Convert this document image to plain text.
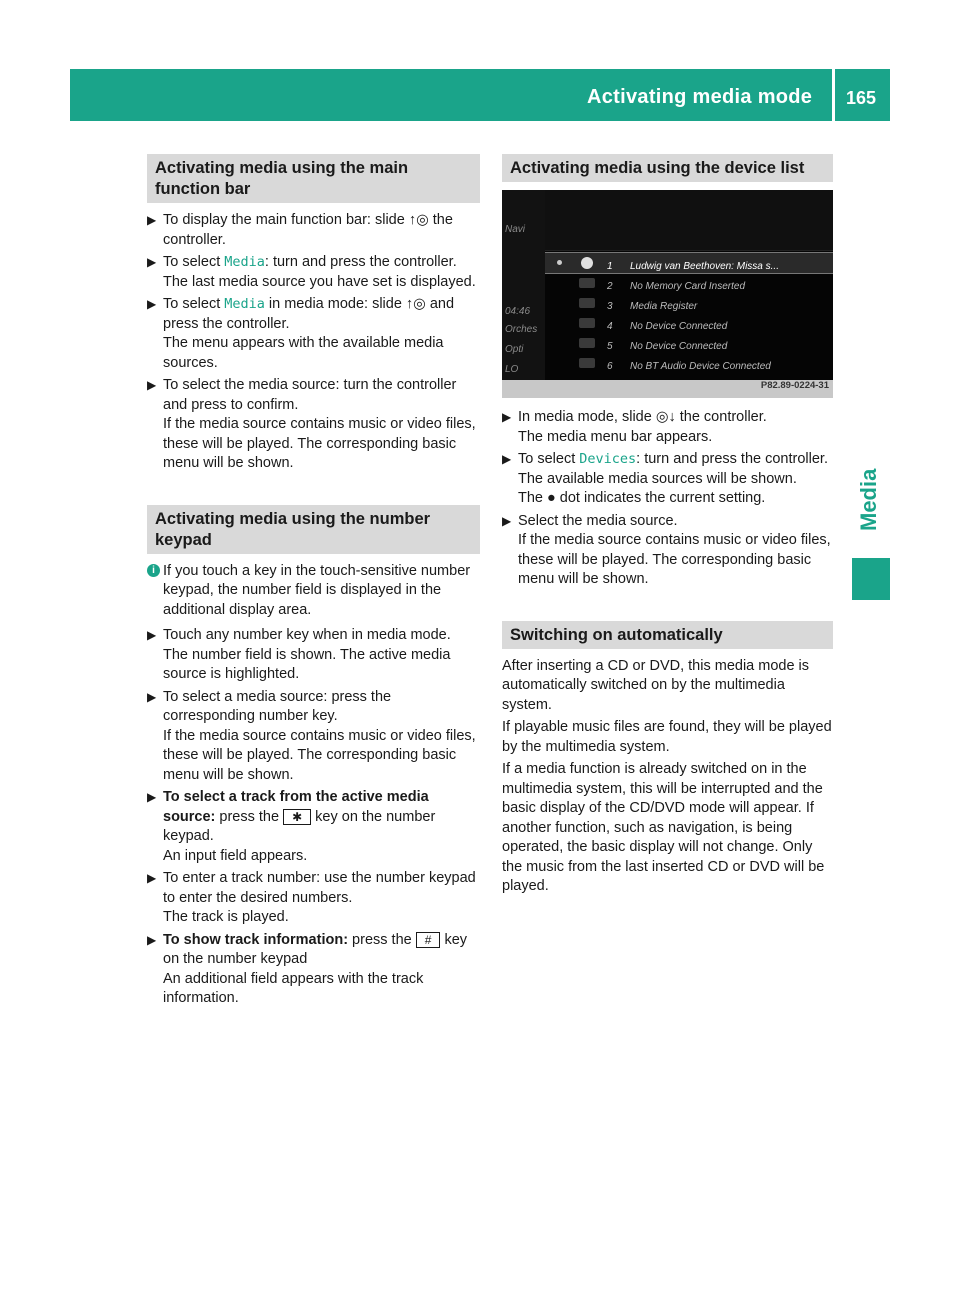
Activating media mode 165
Media
Activating media using the main function bar
▶ To display the main function bar: slide ↑◎ the controller.

▶ To select Media: turn and press the controller.

The last media source you have set is displayed.

▶ To select Media in media mode: slide ↑◎ and press the controller.

The menu appears with the available media sources.

▶ To select the media source: turn the controller and press to confirm.

If the media source contains music or video files, these will be played. The corresponding basic menu will be shown.

Activating media using the number keypad
i If you touch a key in the touch-sensitive number keypad, the number field is displayed in the additional display area.

▶ Touch any number key when in media mode.

The number field is shown. The active media source is highlighted.

▶ To select a media source: press the corresponding number key.

If the media source contains music or video files, these will be played. The corresponding basic menu will be shown.

▶ To select a track from the active media source: press the ✱ key on the number keypad.

An input field appears.

▶ To enter a track number: use the number keypad to enter the desired numbers.

The track is played.

▶ To show track information: press the # key on the number keypad

An additional field appears with the track information.

Activating media using the device list
Navi
04:46
Orches
Opti
LO
1 Ludwig van Beethoven: Missa s...
2 No Memory Card Inserted
3 Media Register
4 No Device Connected
5 No Device Connected
6 No BT Audio Device Connected
P82.89-0224-31
▶ In media mode, slide ◎↓ the controller.

The media menu bar appears.

▶ To select Devices: turn and press the controller.

The available media sources will be shown.

The ● dot indicates the current setting.

▶ Select the media source.

If the media source contains music or video files, these will be played. The corresponding basic menu will be shown.

Switching on automatically

After inserting a CD or DVD, this media mode is automatically switched on by the multimedia system.

If playable music files are found, they will be played by the multimedia system.

If a media function is already switched on in the multimedia system, this will be interrupted and the basic display of the CD/DVD mode will appear. If another function, such as navigation, is being operated, the basic display will not change. Only the music from the last inserted CD or DVD will be played.
